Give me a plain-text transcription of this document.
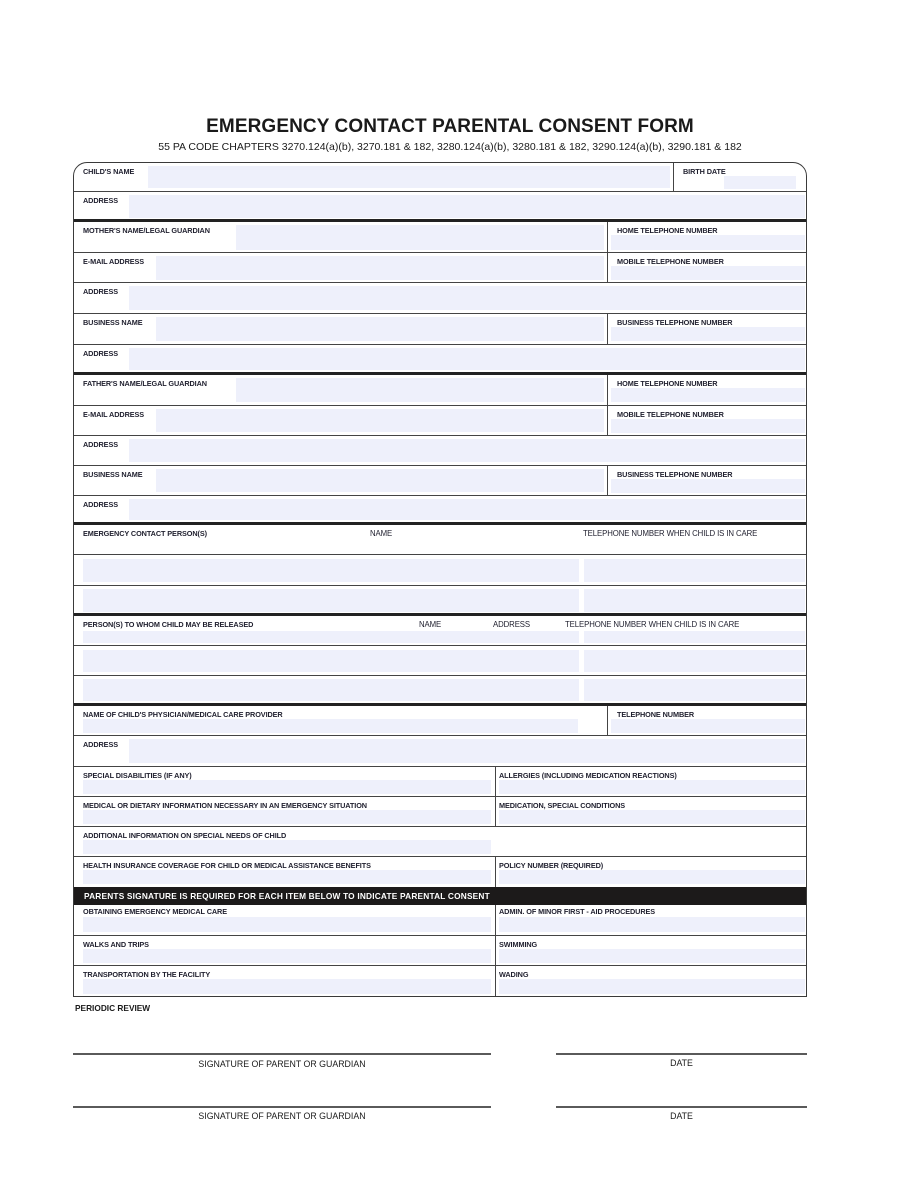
EMERGENCY CONTACT PARENTAL CONSENT FORM
55 PA CODE CHAPTERS 3270.124(a)(b), 3270.181 & 182, 3280.124(a)(b), 3280.181 & 182, 3290.124(a)(b), 3290.181 & 182
CHILD'S NAME	BIRTH DATE
ADDRESS
MOTHER'S NAME/LEGAL GUARDIAN	HOME TELEPHONE NUMBER
E-MAIL ADDRESS	MOBILE TELEPHONE NUMBER
ADDRESS
BUSINESS NAME	BUSINESS TELEPHONE NUMBER
ADDRESS
FATHER'S NAME/LEGAL GUARDIAN	HOME TELEPHONE NUMBER
E-MAIL ADDRESS	MOBILE TELEPHONE NUMBER
ADDRESS
BUSINESS NAME	BUSINESS TELEPHONE NUMBER
ADDRESS
EMERGENCY CONTACT PERSON(S)	NAME	TELEPHONE NUMBER WHEN CHILD IS IN CARE
PERSON(S) TO WHOM CHILD MAY BE RELEASED	NAME	ADDRESS	TELEPHONE NUMBER WHEN CHILD IS IN CARE
NAME OF CHILD'S PHYSICIAN/MEDICAL CARE PROVIDER	TELEPHONE NUMBER
ADDRESS
SPECIAL DISABILITIES (IF ANY)	ALLERGIES (INCLUDING MEDICATION REACTIONS)
MEDICAL OR DIETARY INFORMATION NECESSARY IN AN EMERGENCY SITUATION	MEDICATION, SPECIAL CONDITIONS
ADDITIONAL INFORMATION ON SPECIAL NEEDS OF CHILD
HEALTH INSURANCE COVERAGE FOR CHILD OR MEDICAL ASSISTANCE BENEFITS	POLICY NUMBER (REQUIRED)
PARENTS SIGNATURE IS REQUIRED FOR EACH ITEM BELOW TO INDICATE PARENTAL CONSENT
OBTAINING EMERGENCY MEDICAL CARE	ADMIN. OF MINOR FIRST - AID PROCEDURES
WALKS AND TRIPS	SWIMMING
TRANSPORTATION BY THE FACILITY	WADING
PERIODIC REVIEW
SIGNATURE OF PARENT OR GUARDIAN	DATE
SIGNATURE OF PARENT OR GUARDIAN	DATE
